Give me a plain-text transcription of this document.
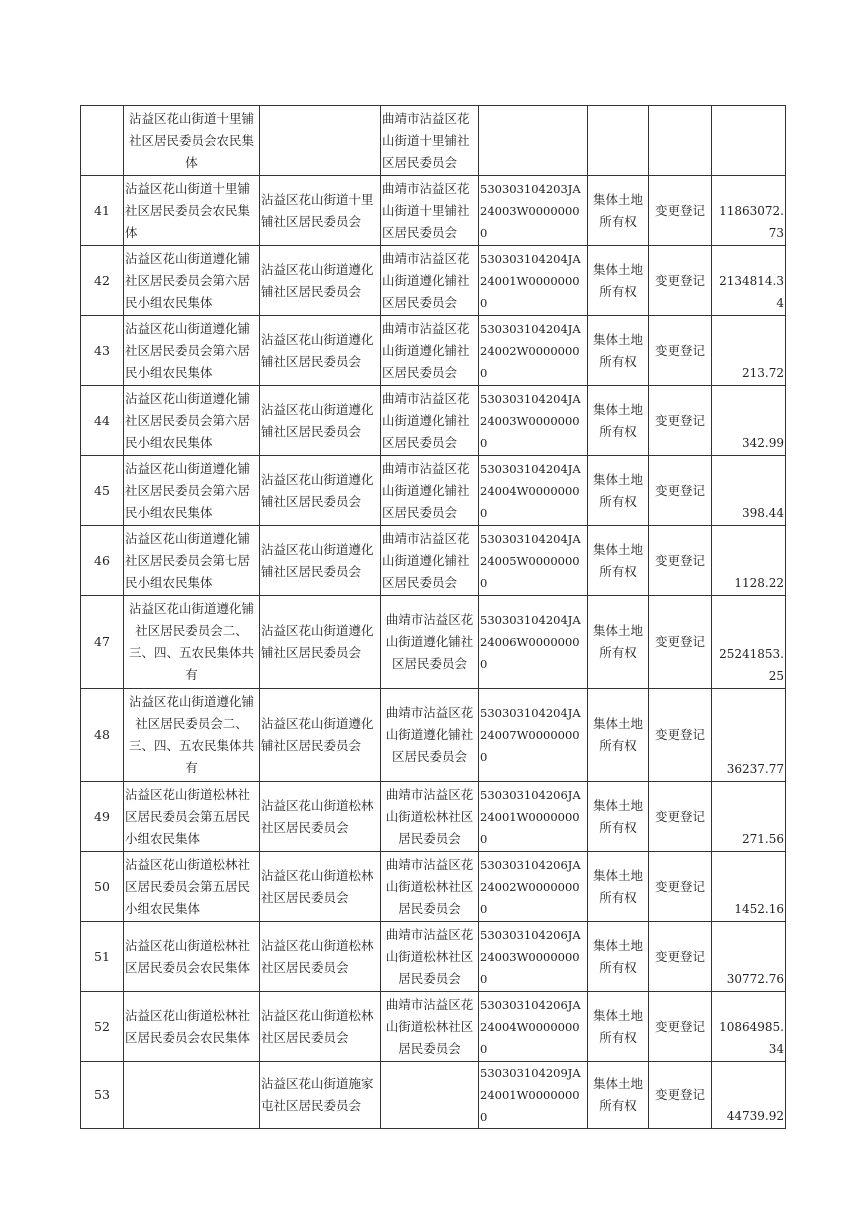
	沾益区花山街道十里铺社区居民委员会农民集体		曲靖市沾益区花山街道十里铺社区居民委员会				
41	沾益区花山街道十里铺社区居民委员会农民集体	沾益区花山街道十里铺社区居民委员会	曲靖市沾益区花山街道十里铺社区居民委员会	530303104203JA24003W00000000	集体土地所有权	变更登记	11863072.73
42	沾益区花山街道遵化铺社区居民委员会第六居民小组农民集体	沾益区花山街道遵化铺社区居民委员会	曲靖市沾益区花山街道遵化铺社区居民委员会	530303104204JA24001W00000000	集体土地所有权	变更登记	2134814.34
43	沾益区花山街道遵化铺社区居民委员会第六居民小组农民集体	沾益区花山街道遵化铺社区居民委员会	曲靖市沾益区花山街道遵化铺社区居民委员会	530303104204JA24002W00000000	集体土地所有权	变更登记	213.72
44	沾益区花山街道遵化铺社区居民委员会第六居民小组农民集体	沾益区花山街道遵化铺社区居民委员会	曲靖市沾益区花山街道遵化铺社区居民委员会	530303104204JA24003W00000000	集体土地所有权	变更登记	342.99
45	沾益区花山街道遵化铺社区居民委员会第六居民小组农民集体	沾益区花山街道遵化铺社区居民委员会	曲靖市沾益区花山街道遵化铺社区居民委员会	530303104204JA24004W00000000	集体土地所有权	变更登记	398.44
46	沾益区花山街道遵化铺社区居民委员会第七居民小组农民集体	沾益区花山街道遵化铺社区居民委员会	曲靖市沾益区花山街道遵化铺社区居民委员会	530303104204JA24005W00000000	集体土地所有权	变更登记	1128.22
47	沾益区花山街道遵化铺社区居民委员会二、三、四、五农民集体共有	沾益区花山街道遵化铺社区居民委员会	曲靖市沾益区花山街道遵化铺社区居民委员会	530303104204JA24006W00000000	集体土地所有权	变更登记	25241853.25
48	沾益区花山街道遵化铺社区居民委员会二、三、四、五农民集体共有	沾益区花山街道遵化铺社区居民委员会	曲靖市沾益区花山街道遵化铺社区居民委员会	530303104204JA24007W00000000	集体土地所有权	变更登记	36237.77
49	沾益区花山街道松林社区居民委员会第五居民小组农民集体	沾益区花山街道松林社区居民委员会	曲靖市沾益区花山街道松林社区居民委员会	530303104206JA24001W00000000	集体土地所有权	变更登记	271.56
50	沾益区花山街道松林社区居民委员会第五居民小组农民集体	沾益区花山街道松林社区居民委员会	曲靖市沾益区花山街道松林社区居民委员会	530303104206JA24002W00000000	集体土地所有权	变更登记	1452.16
51	沾益区花山街道松林社区居民委员会农民集体	沾益区花山街道松林社区居民委员会	曲靖市沾益区花山街道松林社区居民委员会	530303104206JA24003W00000000	集体土地所有权	变更登记	30772.76
52	沾益区花山街道松林社区居民委员会农民集体	沾益区花山街道松林社区居民委员会	曲靖市沾益区花山街道松林社区居民委员会	530303104206JA24004W00000000	集体土地所有权	变更登记	10864985.34
53		沾益区花山街道施家屯社区居民委员会		530303104209JA24001W00000000	集体土地所有权	变更登记	44739.92
